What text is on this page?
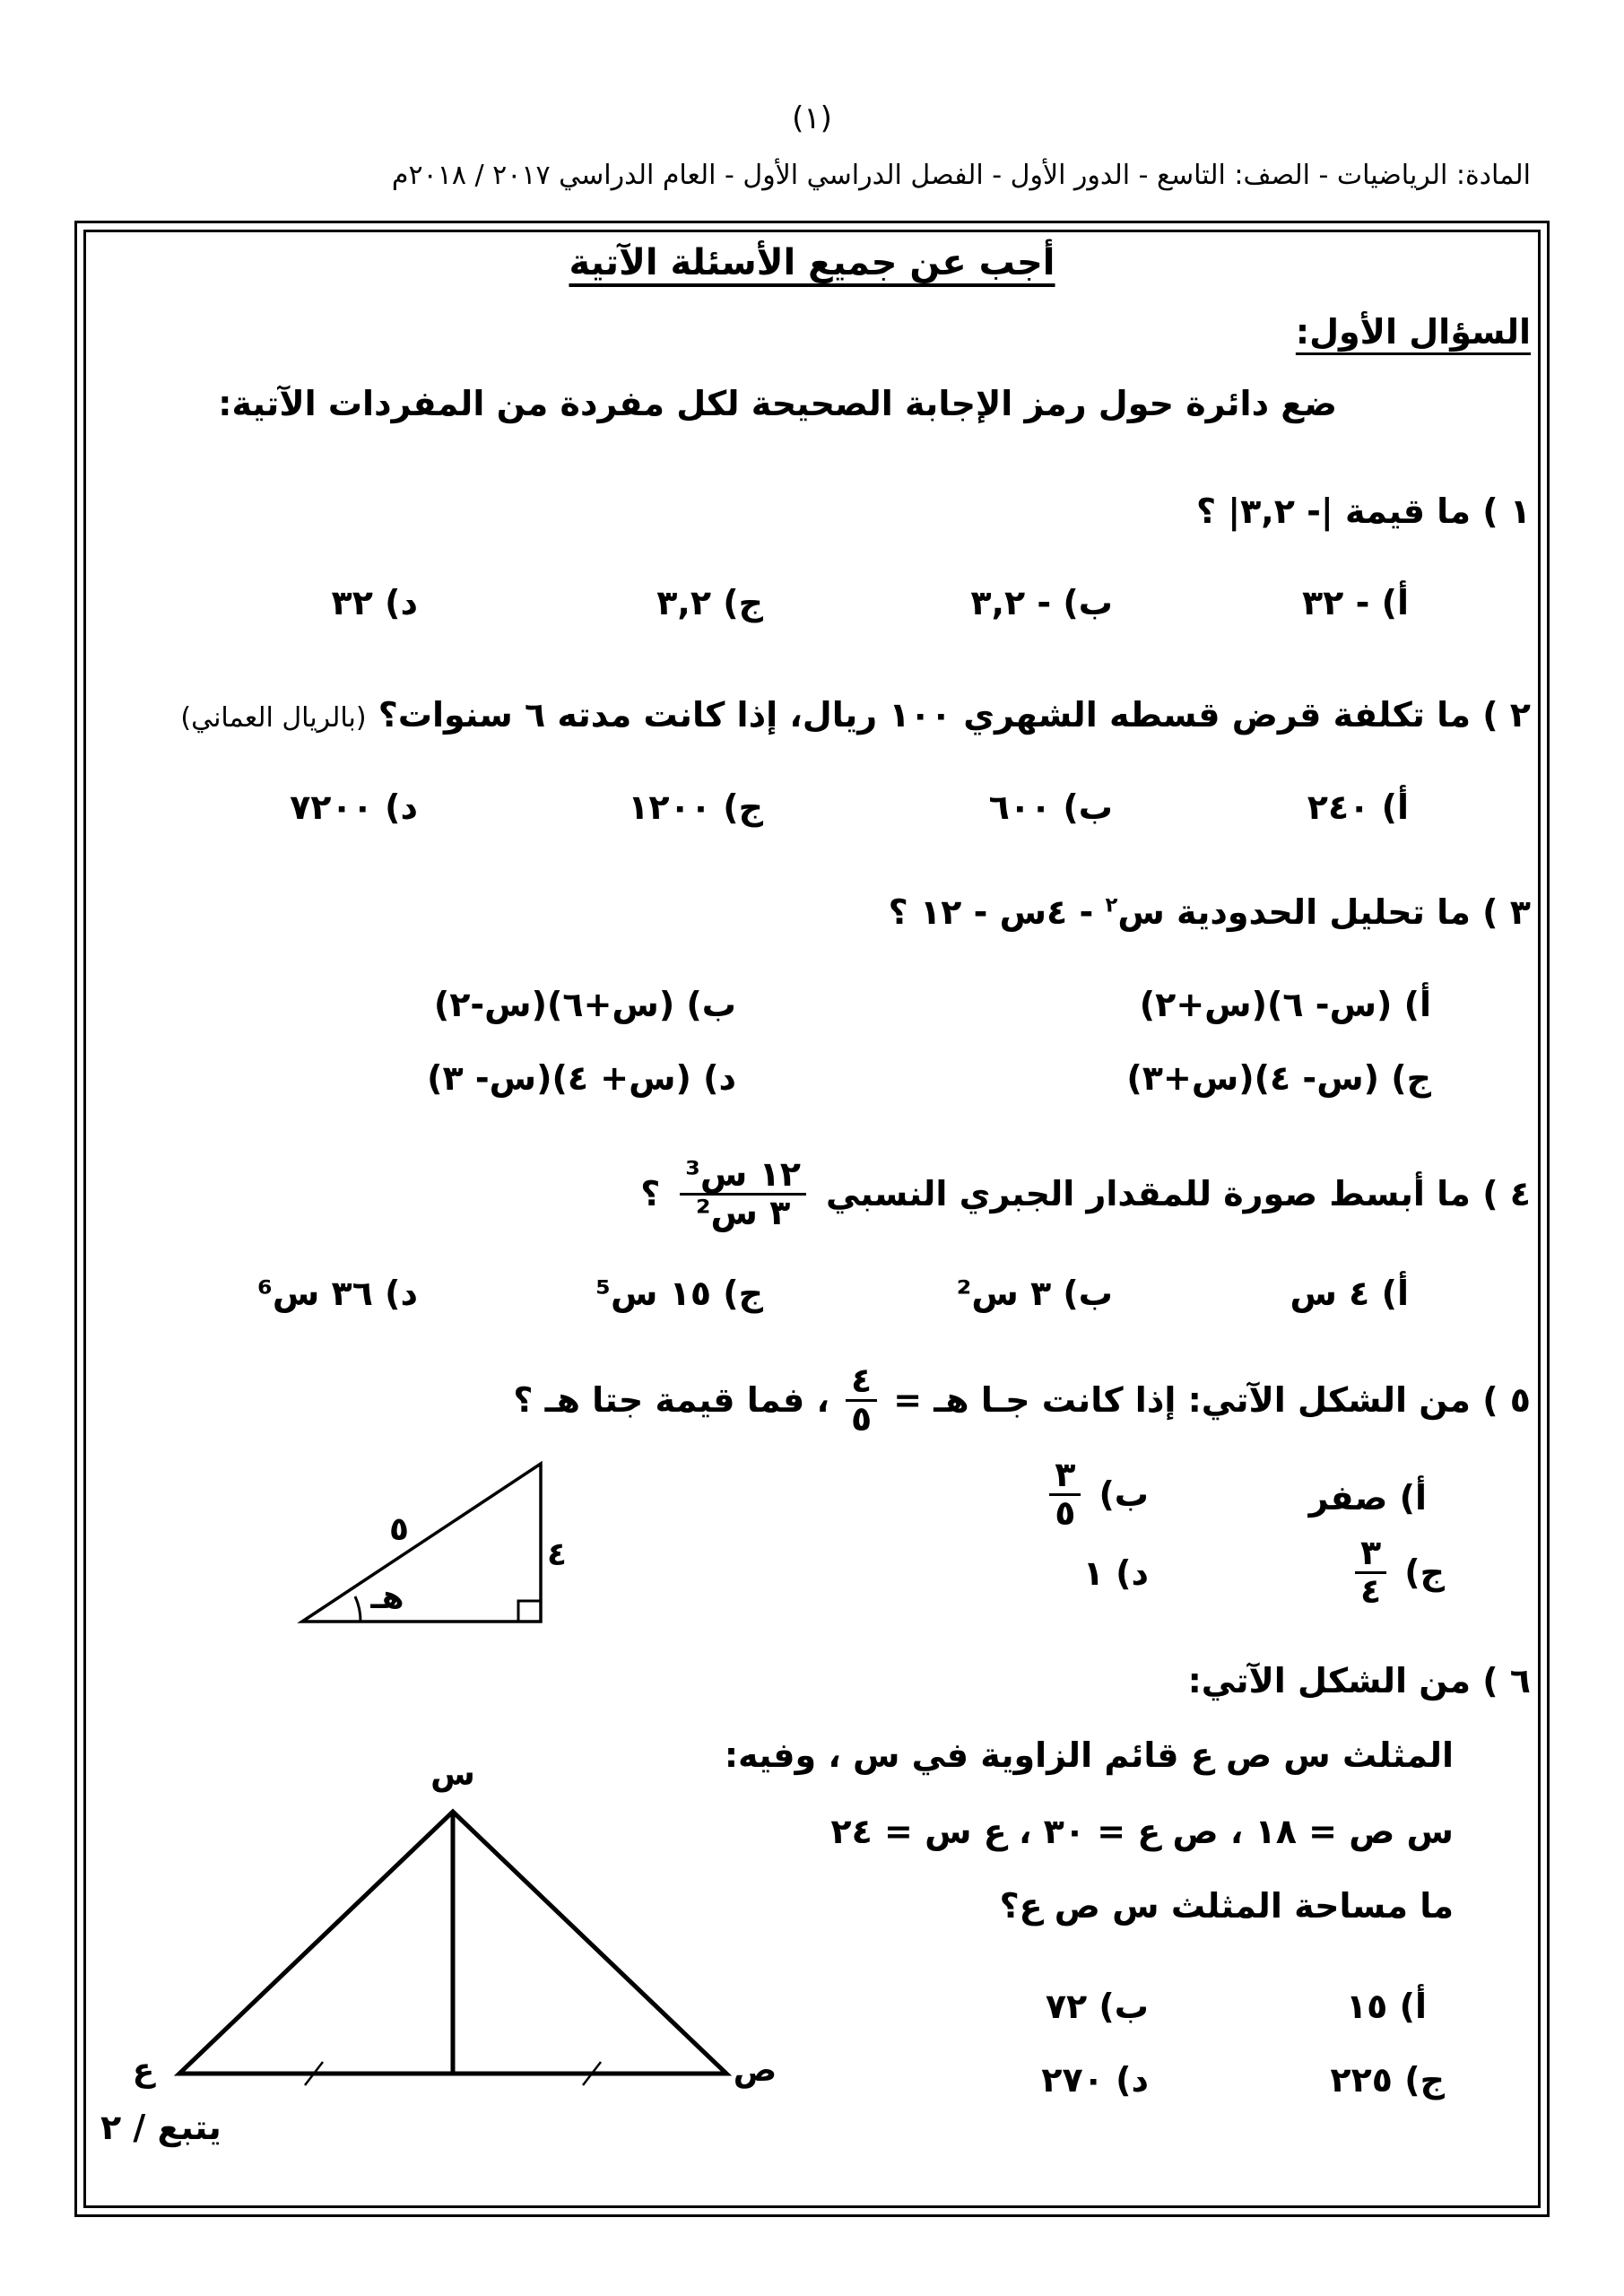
(١)
المادة: الرياضيات - الصف: التاسع - الدور الأول - الفصل الدراسي الأول - العام الدراسي ٢٠١٧ / ٢٠١٨م
أجب عن جميع الأسئلة الآتية
السؤال الأول:
ضع دائرة حول رمز الإجابة الصحيحة لكل مفردة من المفردات الآتية:
١ ) ما قيمة |- ٣,٢| ؟
أ) - ٣٢
ب) - ٣,٢
ج) ٣,٢
د) ٣٢
٢ ) ما تكلفة قرض قسطه الشهري ١٠٠ ريال، إذا كانت مدته ٦ سنوات؟ (بالريال العماني)
أ) ٢٤٠
ب) ٦٠٠
ج) ١٢٠٠
د) ٧٢٠٠
٣ ) ما تحليل الحدودية س$^٢$ - ٤س - ١٢ ؟
أ) (س- ٦)(س+٢)
ب) (س+٦)(س-٢)
ج) (س- ٤)(س+٣)
د) (س+ ٤)(س- ٣)
٤ ) ما أبسط صورة للمقدار الجبري النسبي
$\frac{\text{١٢ س³}}{\text{٣ س²}}$
؟
أ) ٤ س
ب) ٣ س²
ج) ١٥ س⁵
د) ٣٦ س⁶
٥ ) من الشكل الآتي: إذا كانت جـا هـ =
$\frac{٤}{٥}$
، فما قيمة جتا هـ ؟
أ) صفر
ب)
$\frac{٣}{٥}$
ج)
$\frac{٣}{٤}$
د) ١
٥
٤
هـ
٦ ) من الشكل الآتي:
المثلث س ص ع قائم الزاوية في س ، وفيه:
س ص = ١٨ ، ص ع = ٣٠ ، ع س = ٢٤
ما مساحة المثلث س ص ع؟
أ) ١٥
ب) ٧٢
ج) ٢٢٥
د) ٢٧٠
س
ص
ع
يتبع / ٢
